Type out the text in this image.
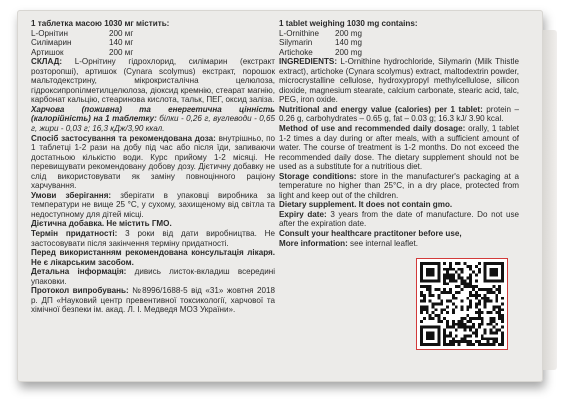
1 таблетка масою 1030 мг містить:

L-Орнітин	200 мг
Силімарин	140 мг
Артишок	200 мг

СКЛАД: L-Орнітину гідрохлорид, силімарин (екстракт розторопші), артишок (Cynara scolymus) екстракт, порошок мальтодекстрину, мікрокристалічна целюлоза, гідроксипропілметилцелюлоза, діоксид кремнію, стеарат магнію, карбонат кальцію, стеаринова кислота, тальк, ПЕГ, оксид заліза.

Харчова (поживна) та енергетична цінність (калорійність) на 1 таблетку: білки - 0,26 г, вуглеводи - 0,65 г, жири - 0,03 г; 16,3 кДж/3,90 ккал.

Спосіб застосування та рекомендована доза: внутрішньо, по 1 таблетці 1-2 рази на добу під час або після їди, запиваючи достатньою кількістю води. Курс прийому 1-2 місяці. Не перевищувати рекомендовану добову дозу. Дієтичну добавку не слід використовувати як заміну повноцінного раціону харчування.

Умови зберігання: зберігати в упаковці виробника за температури не вище 25 °C, у сухому, захищеному від світла та недоступному для дітей місці.

Дієтична добавка. Не містить ГМО.

Термін придатності: 3 роки від дати виробництва. Не застосовувати після закінчення терміну придатності.

Перед використанням рекомендована консультація лікаря. Не є лікарським засобом.

Детальна інформація: дивись листок-вкладиш всередині упаковки.

Протокол випробувань: №8996/1688-5 від «31» жовтня 2018 р. ДП «Науковий центр превентивної токсикології, харчової та хімічної безпеки ім. акад. Л. І. Медведя МОЗ України».

1 tablet weighing 1030 mg contains:

L-Ornithine	200 mg
Silymarin	140 mg
Artichoke	200 mg

INGREDIENTS: L-Ornithine hydrochloride, Silymarin (Milk Thistle extract), artichoke (Cynara scolymus) extract, maltodextrin powder, microcrystalline cellulose, hydroxypropyl methylcellulose, silicon dioxide, magnesium stearate, calcium carbonate, stearic acid, talc, PEG, iron oxide.

Nutritional and energy value (calories) per 1 tablet: protein – 0.26 g, carbohydrates – 0.65 g, fat – 0.03 g; 16.3 kJ/ 3.90 kcal.

Method of use and recommended daily dosage: orally, 1 tablet 1-2 times a day during or after meals, with a sufficient amount of water. The course of treatment is 1-2 months. Do not exceed the recommended daily dose. The dietary supplement should not be used as a substitute for a nutritious diet.

Storage conditions: store in the manufacturer's packaging at a temperature no higher than 25°C, in a dry place, protected from light and keep out of the children.

Dietary supplement. It does not contain gmo.

Expiry date: 3 years from the date of manufacture. Do not use after the expiration date.

Consult your healthcare practitoner before use,

More information: see internal leaflet.
